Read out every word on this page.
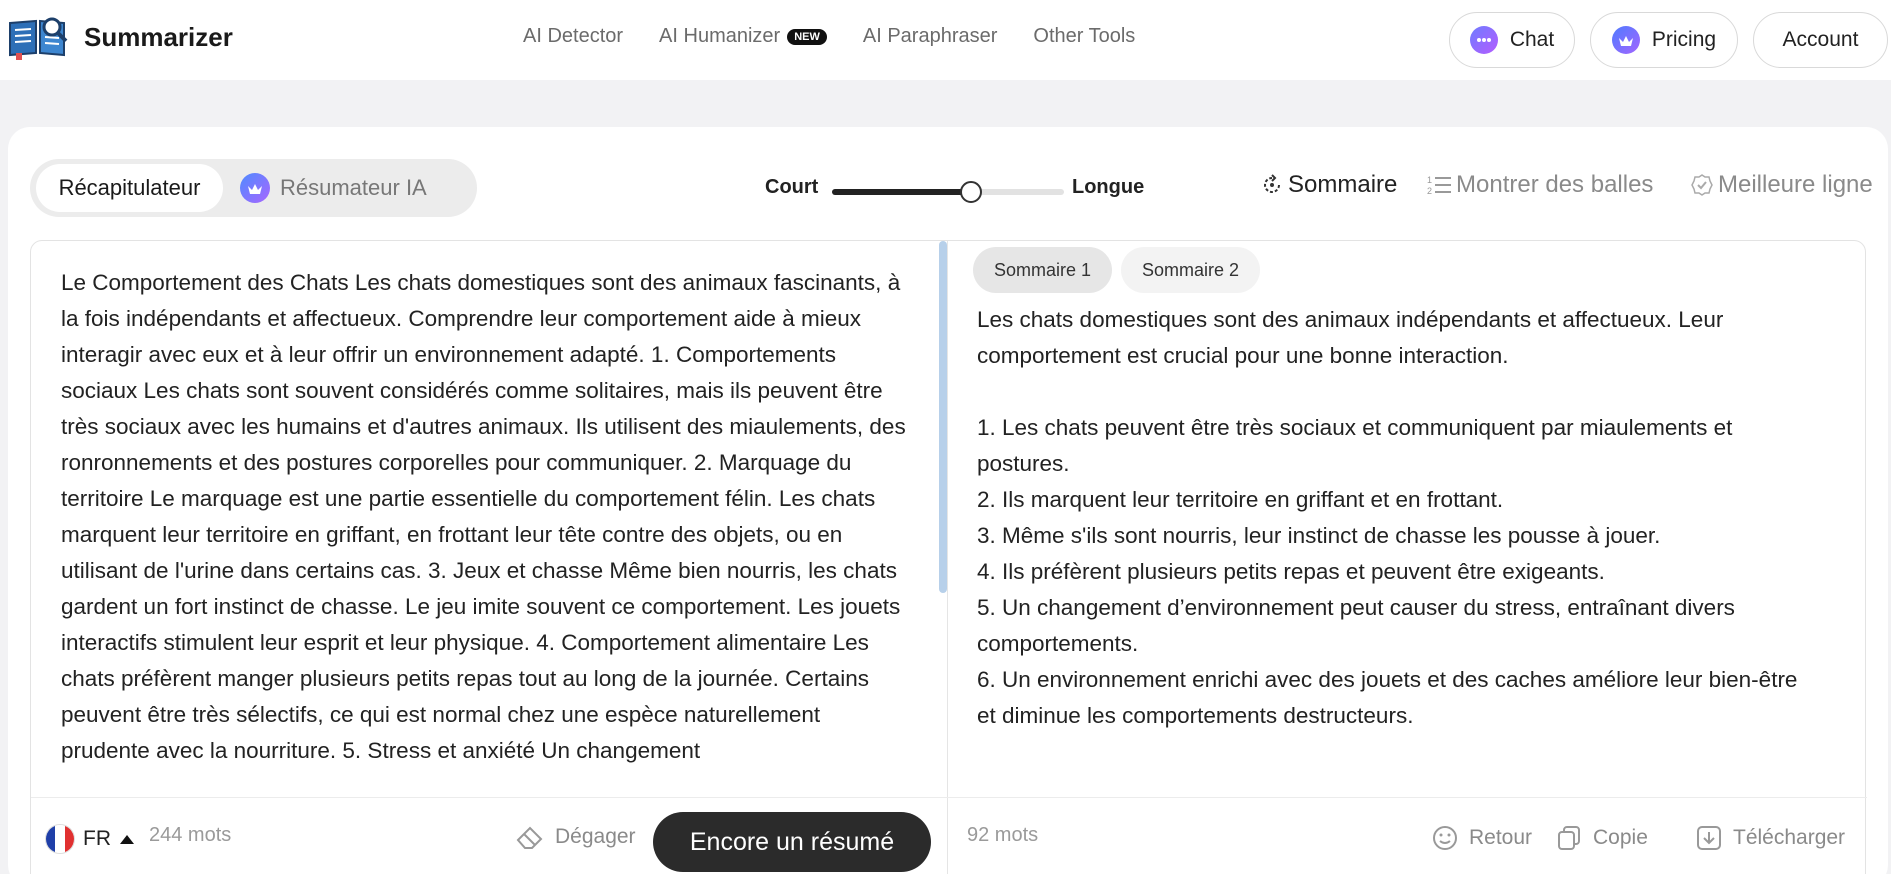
Summarizer	AI Detector AI Humanizer	NEW	AI Paraphraser Other Tools	Chat	Pricing	Account
Récapitulateur	Résumateur IA	Court	Longue	Sommaire	1
2 Montrer des balles	Meilleure ligne
Le Comportement des Chats Les chats domestiques sont des animaux fascinants, à la fois indépendants et affectueux. Comprendre leur comportement aide à mieux interagir avec eux et à leur offrir un environnement adapté. 1. Comportements sociaux Les chats sont souvent considérés comme solitaires, mais ils peuvent être très sociaux avec les humains et d'autres animaux. Ils utilisent des miaulements, des ronronnements et des postures corporelles pour communiquer. 2. Marquage du territoire Le marquage est une partie essentielle du comportement félin. Les chats marquent leur territoire en griffant, en frottant leur tête contre des objets, ou en utilisant de l'urine dans certains cas. 3. Jeux et chasse Même bien nourris, les chats gardent un fort instinct de chasse. Le jeu imite souvent ce comportement. Les jouets interactifs stimulent leur esprit et leur physique. 4. Comportement alimentaire Les chats préfèrent manger plusieurs petits repas tout au long de la journée. Certains peuvent être très sélectifs, ce qui est normal chez une espèce naturellement prudente avec la nourriture. 5. Stress et anxiété Un changement
Sommaire 1	Sommaire 2
Les chats domestiques sont des animaux indépendants et affectueux. Leur comportement est crucial pour une bonne interaction.

1. Les chats peuvent être très sociaux et communiquent par miaulements et postures.
2. Ils marquent leur territoire en griffant et en frottant.
3. Même s'ils sont nourris, leur instinct de chasse les pousse à jouer.
4. Ils préfèrent plusieurs petits repas et peuvent être exigeants.
5. Un changement d’environnement peut causer du stress, entraînant divers comportements.
6. Un environnement enrichi avec des jouets et des caches améliore leur bien-être et diminue les comportements destructeurs.
FR 244 mots	Dégager	Encore un résumé	92 mots	Retour	Copie	Télécharger
